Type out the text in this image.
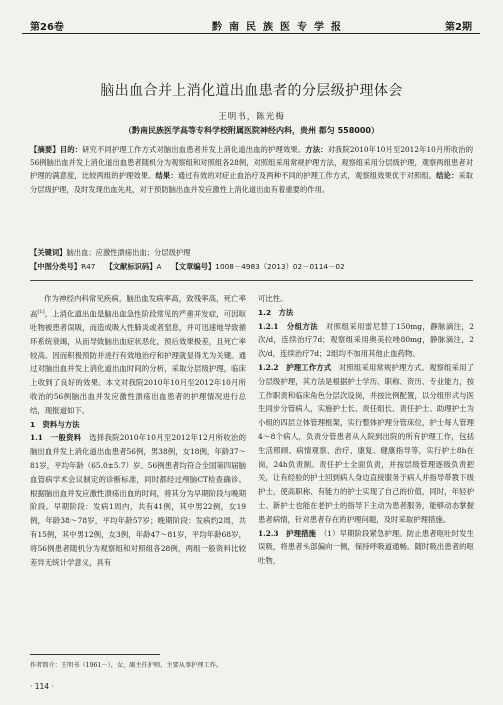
第26卷	黔南民族医专学报	第2期
脑出血合并上消化道出血患者的分层级护理体会
王明书，陈光梅
（黔南民族医学高等专科学校附属医院神经内科，贵州 都匀 558000）
【摘要】目的：研究不同护理工作方式对脑出血患者并发上消化道出血的护理效果。方法：对我院2010年10月至2012年10月所收治的56例脑出血并发上消化道出血患者随机分为观察组和对照组各28例，对照组采用常规护理方法，观察组采用分层级护理，观察两组患者对护理的满意度，比较两组的护理效果。结果：通过有效的对症止血治疗及两种不同的护理工作方式，观察组效果优于对照组。结论：采取分层级护理，及时发现出血先兆，对于预防脑出血并发应激性上消化道出血有着重要的作用。
【关键词】脑出血；应激性溃疡出血；分层级护理
【中图分类号】R47 【文献标识码】A 【文章编号】1008－4983（2013）02－0114－02

作为神经内科常见疾病，脑出血发病率高，致残率高，死亡率高[1]。上消化道出血是脑出血急性阶段常见的严重并发症，可因呕吐物被患者误吸，而造成吸入性肺炎或者窒息，并可迅速地导致循环系统衰竭，从而导致脑出血症状恶化，预后效果极差，且死亡率较高。因而积极预防并进行有效地治疗和护理就显得尤为关键。通过对脑出血并发上消化道出血时间的分析，采取分层级护理，临床上收到了良好的效果。本文对我院2010年10月至2012年10月所收治的56例脑出血并发应激性溃疡出血患者的护理情况进行总结，现报道如下。

1　资料与方法

1.1　一般资料　 选择我院2010年10月至2012年12月所收治的脑出血并发上消化道出血患者56例，男38例，女18例，年龄37～81岁，平均年龄（65.0±5.7）岁。56例患者均符合全国第四届脑血管病学术会议制定的诊断标准，同时都经过颅脑CT检查确诊。根据脑出血并发应激性溃疡出血的时间，将其分为早期阶段与晚期阶段。早期阶段：发病1周内，共有41例，其中男22例，女19例，年龄38～78岁，平均年龄57岁；晚期阶段：发病约2周，共有15例，其中男12例，女3例，年龄47～81岁，平均年龄68岁，将56例患者随机分为观察组和对照组各28例，两组一般资料比较差异无统计学意义，具有

可比性。

1.2　方法

1.2.1　分组方法　 对照组采用雷尼替丁150mg，静脉滴注，2次/d，连续治疗7d；观察组采用奥美拉唑80mg，静脉滴注，2次/d，连续治疗7d；2组均不加用其他止血药物。

1.2.2　护理工作方式　 对照组采用常规护理方式。观察组采用了分层级护理，其方法是根据护士学历、职称、资历、专业能力，按工作职责和临床角色分层次设岗，并按比例配置，以分组形式与医生同步分管病人，实施护士长、责任组长、责任护士、助理护士为小组的四层立体管理框架，实行整体护理分管床位，护士每人管理4～8个病人，负责分管患者从入院到出院的所有护理工作，包括生活照顾、病情观察、治疗、康复、健康指导等，实行护士8h在岗，24h负责制。责任护士全面负责，并按层级管理逐级负责把关，让有经验的护士回到病人身边直接服务于病人并指导带教下级护士，使高职称、有能力的护士实现了自己的价值，同时，年轻护士、新护士也能在老护士的指导下主动为患者服务，能够动态掌握患者病情，针对患者存在的护理问题，及时采取护理措施。

1.2.3　护理措施　 （1）早期阶段紧急护理。防止患者呕吐时发生误吸，将患者头部偏向一侧，保持呼吸道通畅。随时吸出患者的呕吐物，

作者简介：王明书（1961－），女，副主任护师，主要从事护理工作。
· 114 ·
